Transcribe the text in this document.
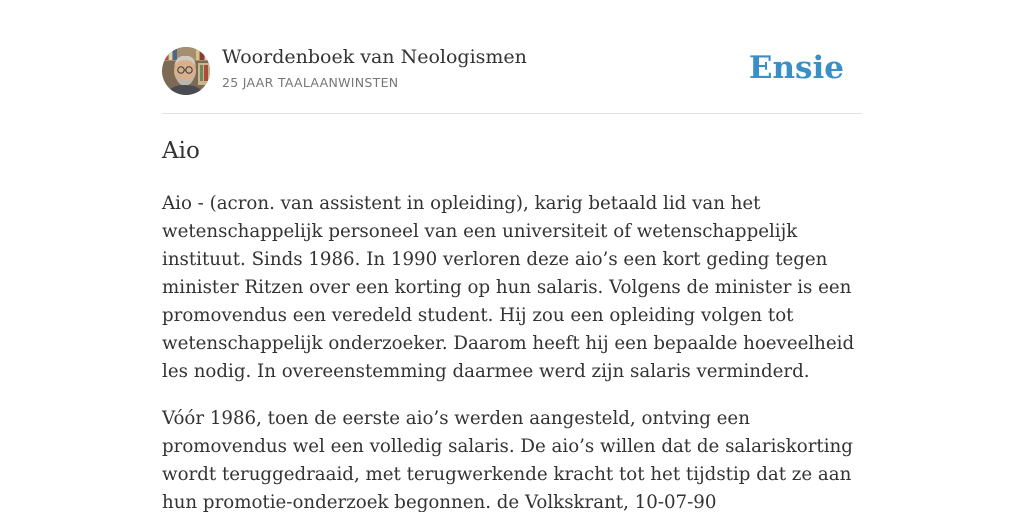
Woordenboek van Neologismen
25 JAAR TAALAANWINSTEN	Ensie
Aio

Aio - (acron. van assistent in opleiding), karig betaald lid van het wetenschappelijk personeel van een universiteit of wetenschappelijk instituut. Sinds 1986. In 1990 verloren deze aio’s een kort geding tegen minister Ritzen over een korting op hun salaris. Volgens de minister is een promovendus een veredeld student. Hij zou een opleiding volgen tot wetenschappelijk onderzoeker. Daarom heeft hij een bepaalde hoeveelheid les nodig. In overeenstemming daarmee werd zijn salaris verminderd.

Vóór 1986, toen de eerste aio’s werden aangesteld, ontving een promovendus wel een volledig salaris. De aio’s willen dat de salariskorting wordt teruggedraaid, met terugwerkende kracht tot het tijdstip dat ze aan hun promotie-onderzoek begonnen. de Volkskrant, 10-07-90
